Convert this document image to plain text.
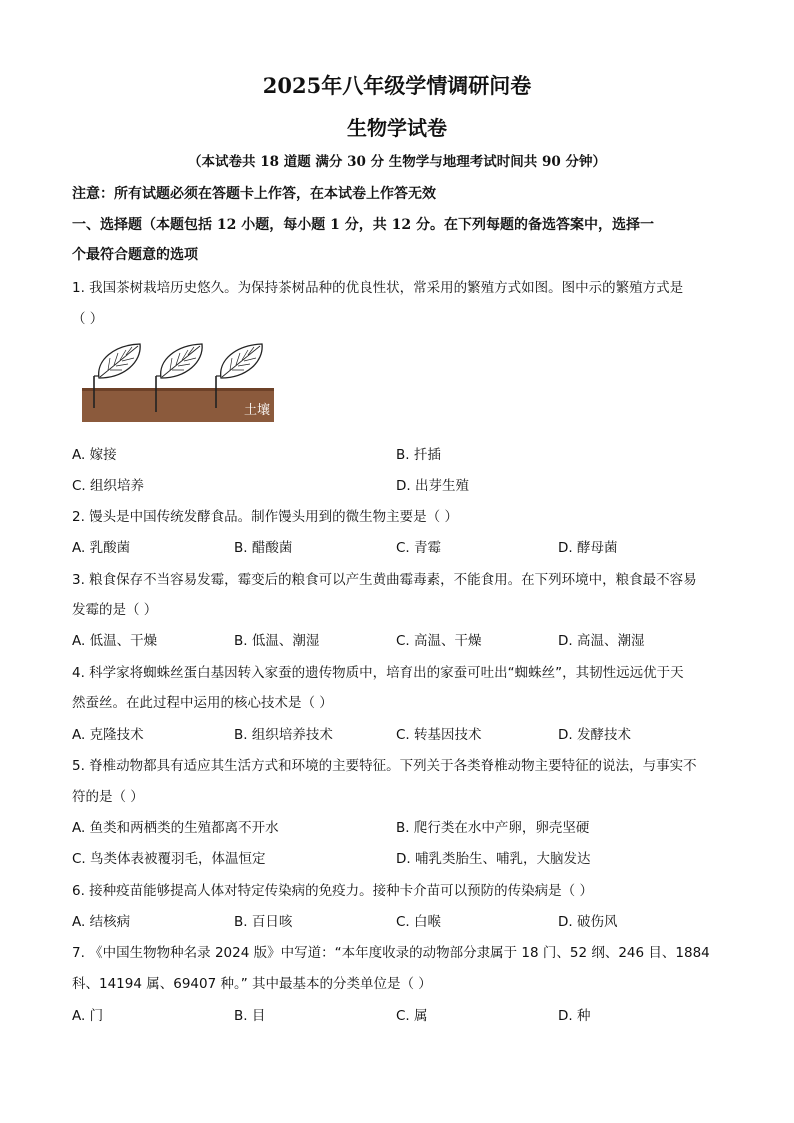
2025年八年级学情调研问卷
生物学试卷
（本试卷共 18 道题 满分 30 分 生物学与地理考试时间共 90 分钟）
注意：所有试题必须在答题卡上作答，在本试卷上作答无效
一、选择题（本题包括 12 小题，每小题 1 分，共 12 分。在下列每题的备选答案中，选择一
个最符合题意的选项
1. 我国茶树栽培历史悠久。为保持茶树品种的优良性状，常采用的繁殖方式如图。图中示的繁殖方式是
（ ）
土壤
A. 嫁接	B. 扦插
C. 组织培养	D. 出芽生殖
2. 馒头是中国传统发酵食品。制作馒头用到的微生物主要是（ ）
A. 乳酸菌	B. 醋酸菌	C. 青霉	D. 酵母菌
3. 粮食保存不当容易发霉，霉变后的粮食可以产生黄曲霉毒素，不能食用。在下列环境中，粮食最不容易
发霉的是（ ）
A. 低温、干燥	B. 低温、潮湿	C. 高温、干燥	D. 高温、潮湿
4. 科学家将蜘蛛丝蛋白基因转入家蚕的遗传物质中，培育出的家蚕可吐出“蜘蛛丝”，其韧性远远优于天
然蚕丝。在此过程中运用的核心技术是（ ）
A. 克隆技术	B. 组织培养技术	C. 转基因技术	D. 发酵技术
5. 脊椎动物都具有适应其生活方式和环境的主要特征。下列关于各类脊椎动物主要特征的说法，与事实不
符的是（ ）
A. 鱼类和两栖类的生殖都离不开水	B. 爬行类在水中产卵，卵壳坚硬
C. 鸟类体表被覆羽毛，体温恒定	D. 哺乳类胎生、哺乳，大脑发达
6. 接种疫苗能够提高人体对特定传染病的免疫力。接种卡介苗可以预防的传染病是（ ）
A. 结核病	B. 百日咳	C. 白喉	D. 破伤风
7. 《中国生物物种名录 2024 版》中写道：“本年度收录的动物部分隶属于 18 门、52 纲、246 目、1884
科、14194 属、69407 种。” 其中最基本的分类单位是（ ）
A. 门	B. 目	C. 属	D. 种
